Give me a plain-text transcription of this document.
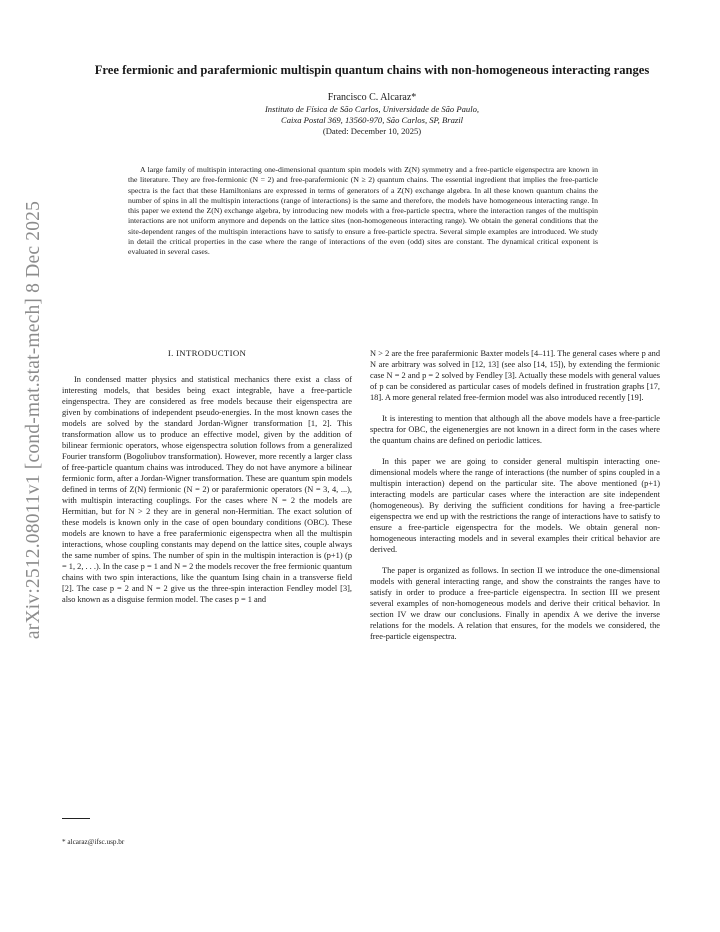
arXiv:2512.08011v1 [cond-mat.stat-mech] 8 Dec 2025
Free fermionic and parafermionic multispin quantum chains with non-homogeneous interacting ranges
Francisco C. Alcaraz*
Instituto de Física de São Carlos, Universidade de São Paulo,
Caixa Postal 369, 13560-970, São Carlos, SP, Brazil
(Dated: December 10, 2025)

A large family of multispin interacting one-dimensional quantum spin models with Z(N) symmetry and a free-particle eigenspectra are known in the literature. They are free-fermionic (N = 2) and free-parafermionic (N ≥ 2) quantum chains. The essential ingredient that implies the free-particle spectra is the fact that these Hamiltonians are expressed in terms of generators of a Z(N) exchange algebra. In all these known quantum chains the number of spins in all the multispin interactions (range of interactions) is the same and therefore, the models have homogeneous interacting range. In this paper we extend the Z(N) exchange algebra, by introducing new models with a free-particle spectra, where the interaction ranges of the multispin interactions are not uniform anymore and depends on the lattice sites (non-homogeneous interacting range). We obtain the general conditions that the site-dependent ranges of the multispin interactions have to satisfy to ensure a free-particle spectra. Several simple examples are introduced. We study in detail the critical properties in the case where the range of interactions of the even (odd) sites are constant. The dynamical critical exponent is evaluated in several cases.

I. INTRODUCTION

In condensed matter physics and statistical mechanics there exist a class of interesting models, that besides being exact integrable, have a free-particle eingenspectra. They are considered as free models because their eigenspectra are given by combinations of independent pseudo-energies. In the most known cases the models are solved by the standard Jordan-Wigner transformation [1, 2]. This transformation allow us to produce an effective model, given by the addition of bilinear fermionic operators, whose eigenspectra solution follows from a generalized Fourier transform (Bogoliubov transformation). However, more recently a larger class of free-particle quantum chains was introduced. They do not have anymore a bilinear fermionic form, after a Jordan-Wigner transformation. These are quantum spin models defined in terms of Z(N) fermionic (N = 2) or parafermionic operators (N = 3, 4, ...), with multispin interacting couplings. For the cases where N = 2 the models are Hermitian, but for N > 2 they are in general non-Hermitian. The exact solution of these models is known only in the case of open boundary conditions (OBC). These models are known to have a free parafermionic eigenspectra when all the multispin interactions, whose coupling constants may depend on the lattice sites, couple always the same number of spins. The number of spin in the multispin interaction is (p+1) (p = 1, 2, . . .). In the case p = 1 and N = 2 the models recover the free fermionic quantum chains with two spin interactions, like the quantum Ising chain in a transverse field [2]. The case p = 2 and N = 2 give us the three-spin interaction Fendley model [3], also known as a disguise fermion model. The cases p = 1 and

N > 2 are the free parafermionic Baxter models [4–11]. The general cases where p and N are arbitrary was solved in [12, 13] (see also [14, 15]), by extending the fermionic case N = 2 and p = 2 solved by Fendley [3]. Actually these models with general values of p can be considered as particular cases of models defined in frustration graphs [17, 18]. A more general related free-fermion model was also introduced recently [19].

It is interesting to mention that although all the above models have a free-particle spectra for OBC, the eigenenergies are not known in a direct form in the cases where the quantum chains are defined on periodic lattices.

In this paper we are going to consider general multispin interacting one-dimensional models where the range of interactions (the number of spins coupled in a multispin interaction) depend on the particular site. The above mentioned (p+1) interacting models are particular cases where the interaction are site independent (homogeneous). By deriving the sufficient conditions for having a free-particle eigenspectra we end up with the restrictions the range of interactions have to satisfy to ensure a free-particle eigenspectra for the models. We obtain general non-homogeneous interacting models and in several examples their critical behavior are derived.

The paper is organized as follows. In section II we introduce the one-dimensional models with general interacting range, and show the constraints the ranges have to satisfy in order to produce a free-particle eigenspectra. In section III we present several examples of non-homogeneous models and derive their critical behavior. In section IV we draw our conclusions. Finally in apendix A we derive the inverse relations for the models. A relation that ensures, for the models we considered, the free-particle eigenspectra.

* alcaraz@ifsc.usp.br
